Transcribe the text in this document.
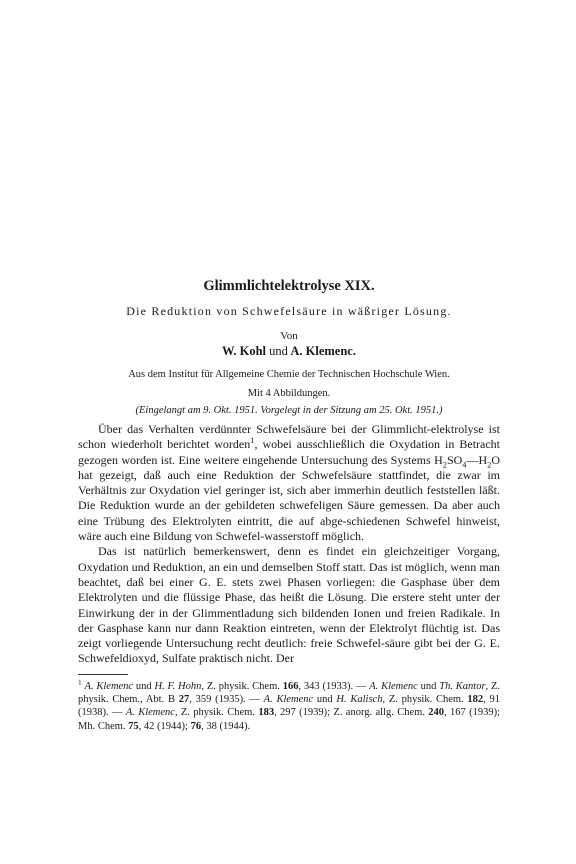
Glimmlichtelektrolyse XIX.
Die Reduktion von Schwefelsäure in wäßriger Lösung.
Von
W. Kohl und A. Klemenc.
Aus dem Institut für Allgemeine Chemie der Technischen Hochschule Wien.
Mit 4 Abbildungen.
(Eingelangt am 9. Okt. 1951. Vorgelegt in der Sitzung am 25. Okt. 1951.)

Über das Verhalten verdünnter Schwefelsäure bei der Glimmlicht-elektrolyse ist schon wiederholt berichtet worden$^1$, wobei ausschließlich die Oxydation in Betracht gezogen worden ist. Eine weitere eingehende Untersuchung des Systems $H_2SO_4—H_2O$ hat gezeigt, daß auch eine Reduktion der Schwefelsäure stattfindet, die zwar im Verhältnis zur Oxydation viel geringer ist, sich aber immerhin deutlich feststellen läßt. Die Reduktion wurde an der gebildeten schwefeligen Säure gemessen. Da aber auch eine Trübung des Elektrolyten eintritt, die auf abge-schiedenen Schwefel hinweist, wäre auch eine Bildung von Schwefel-wasserstoff möglich.

Das ist natürlich bemerkenswert, denn es findet ein gleichzeitiger Vorgang, Oxydation und Reduktion, an ein und demselben Stoff statt. Das ist möglich, wenn man beachtet, daß bei einer G. E. stets zwei Phasen vorliegen: die Gasphase über dem Elektrolyten und die flüssige Phase, das heißt die Lösung. Die erstere steht unter der Einwirkung der in der Glimmentladung sich bildenden Ionen und freien Radikale. In der Gasphase kann nur dann Reaktion eintreten, wenn der Elektrolyt flüchtig ist. Das zeigt vorliegende Untersuchung recht deutlich: freie Schwefel-säure gibt bei der G. E. Schwefeldioxyd, Sulfate praktisch nicht. Der

$^1$ A. Klemenc und H. F. Hohn, Z. physik. Chem. 166, 343 (1933). — A. Klemenc und Th. Kantor, Z. physik. Chem., Abt. B 27, 359 (1935). — A. Klemenc und H. Kalisch, Z. physik. Chem. 182, 91 (1938). — A. Klemenc, Z. physik. Chem. 183, 297 (1939); Z. anorg. allg. Chem. 240, 167 (1939); Mh. Chem. 75, 42 (1944); 76, 38 (1944).
